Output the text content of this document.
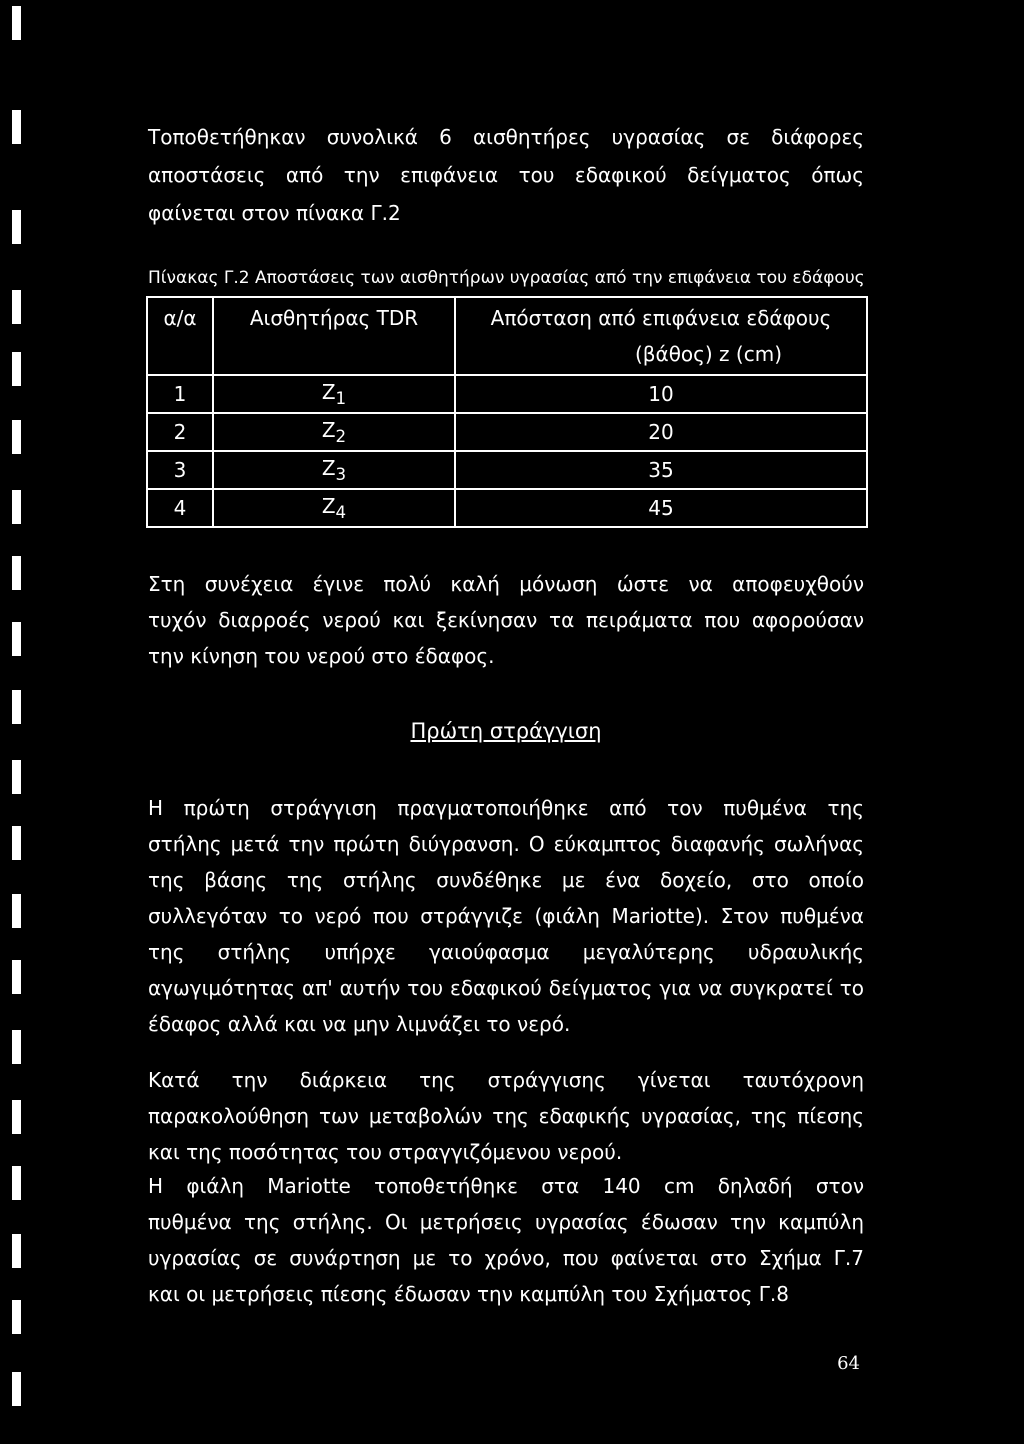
Τοποθετήθηκαν συνολικά 6 αισθητήρες υγρασίας σε διάφορες
αποστάσεις από την επιφάνεια του εδαφικού δείγματος όπως
φαίνεται στον πίνακα Γ.2
Πίνακας Γ.2 Αποστάσεις των αισθητήρων υγρασίας από την επιφάνεια του εδάφους
α/α	Αισθητήρας TDR	Απόσταση από επιφάνεια εδάφους
(βάθος) z (cm)

1	$Z_1$	10
2	$Z_2$	20
3	$Z_3$	35
4	$Z_4$	45
Στη συνέχεια έγινε πολύ καλή μόνωση ώστε να αποφευχθούν
τυχόν διαρροές νερού και ξεκίνησαν τα πειράματα που αφορούσαν
την κίνηση του νερού στο έδαφος.
Πρώτη στράγγιση
Η πρώτη στράγγιση πραγματοποιήθηκε από τον πυθμένα της
στήλης μετά την πρώτη διύγρανση. Ο εύκαμπτος διαφανής σωλήνας
της βάσης της στήλης συνδέθηκε με ένα δοχείο, στο οποίο
συλλεγόταν το νερό που στράγγιζε (φιάλη Mariotte). Στον πυθμένα
της στήλης υπήρχε γαιούφασμα μεγαλύτερης υδραυλικής
αγωγιμότητας απ' αυτήν του εδαφικού δείγματος για να συγκρατεί το
έδαφος αλλά και να μην λιμνάζει το νερό.
Κατά την διάρκεια της στράγγισης γίνεται ταυτόχρονη
παρακολούθηση των μεταβολών της εδαφικής υγρασίας, της πίεσης
και της ποσότητας του στραγγιζόμενου νερού.
Η φιάλη Mariotte τοποθετήθηκε στα 140 cm δηλαδή στον
πυθμένα της στήλης. Οι μετρήσεις υγρασίας έδωσαν την καμπύλη
υγρασίας σε συνάρτηση με το χρόνο, που φαίνεται στο Σχήμα Γ.7
και οι μετρήσεις πίεσης έδωσαν την καμπύλη του Σχήματος Γ.8
64
